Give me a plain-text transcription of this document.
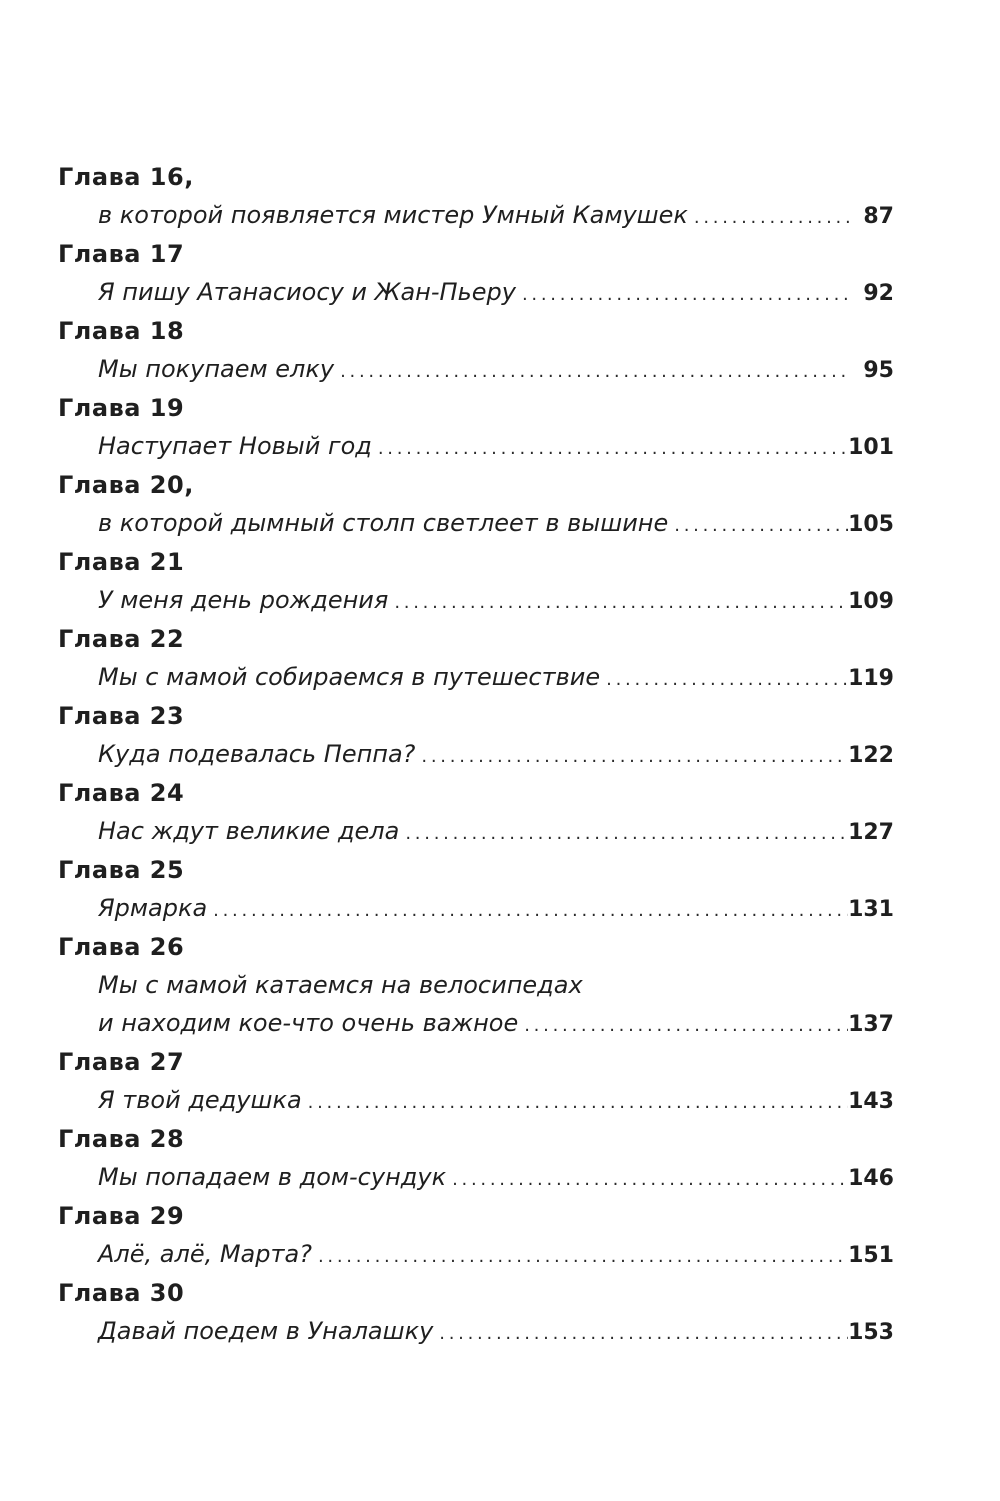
Глава 16,
в которой появляется мистер Умный Камушек . . .	87
Глава 17
Я пишу Атанасиосу и Жан-Пьеру . . .	92
Глава 18
Мы покупаем елку . . .	95
Глава 19
Наступает Новый год . . .	101
Глава 20,
в которой дымный столп светлеет в вышине . . .	105
Глава 21
У меня день рождения . . .	109
Глава 22
Мы с мамой собираемся в путешествие . . .	119
Глава 23
Куда подевалась Пеппа? . . .	122
Глава 24
Нас ждут великие дела . . .	127
Глава 25
Ярмарка . . .	131
Глава 26
Мы с мамой катаемся на велосипедах
и находим кое-что очень важное . . .	137
Глава 27
Я твой дедушка . . .	143
Глава 28
Мы попадаем в дом-сундук . . .	146
Глава 29
Алё, алё, Марта? . . .	151
Глава 30
Давай поедем в Уналашку . . .	153
